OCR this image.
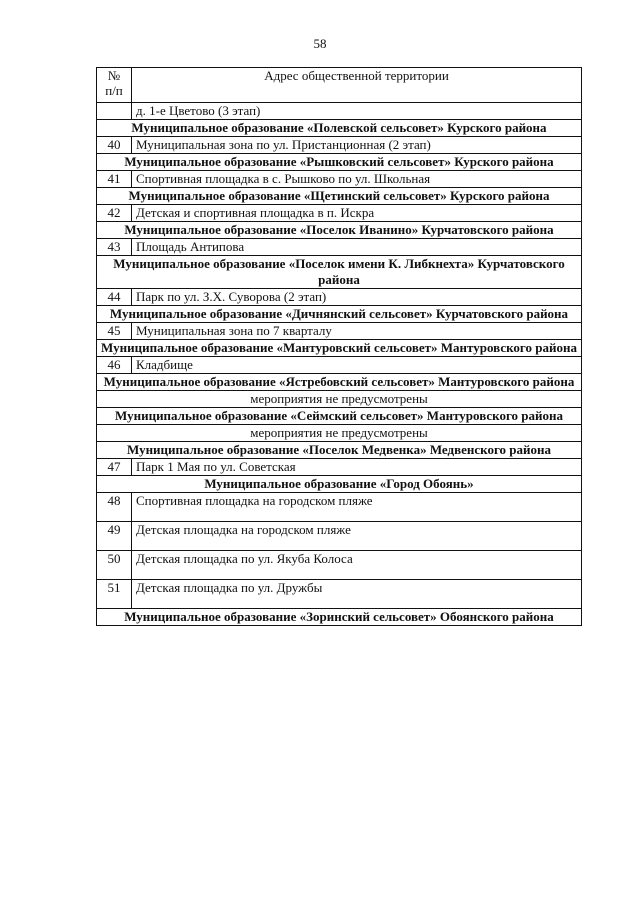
58
№ п/п	Адрес общественной территории
	д. 1-е Цветово (3 этап)
Муниципальное образование «Полевской сельсовет» Курского района	
40	Муниципальная зона по ул. Пристанционная (2 этап)
Муниципальное образование «Рышковский сельсовет» Курского района	
41	Спортивная площадка в с. Рышково по ул. Школьная
Муниципальное образование «Щетинский сельсовет» Курского района	
42	Детская и спортивная площадка в п. Искра
Муниципальное образование «Поселок Иванино» Курчатовского района	
43	Площадь Антипова
Муниципальное образование «Поселок имени К. Либкнехта» Курчатовского района	
44	Парк по ул. З.Х. Суворова (2 этап)
Муниципальное образование «Дичнянский сельсовет» Курчатовского района	
45	Муниципальная зона по 7 кварталу
Муниципальное образование «Мантуровский сельсовет» Мантуровского района	
46	Кладбище
Муниципальное образование «Ястребовский сельсовет» Мантуровского района	
мероприятия не предусмотрены	
Муниципальное образование «Сеймский сельсовет» Мантуровского района	
мероприятия не предусмотрены	
Муниципальное образование «Поселок Медвенка» Медвенского района	
47	Парк 1 Мая по ул. Советская
Муниципальное образование «Город Обоянь»	
48	Спортивная площадка на городском пляже
49	Детская площадка на городском пляже
50	Детская площадка по ул. Якуба Колоса
51	Детская площадка по ул. Дружбы
Муниципальное образование «Зоринский сельсовет» Обоянского района	
